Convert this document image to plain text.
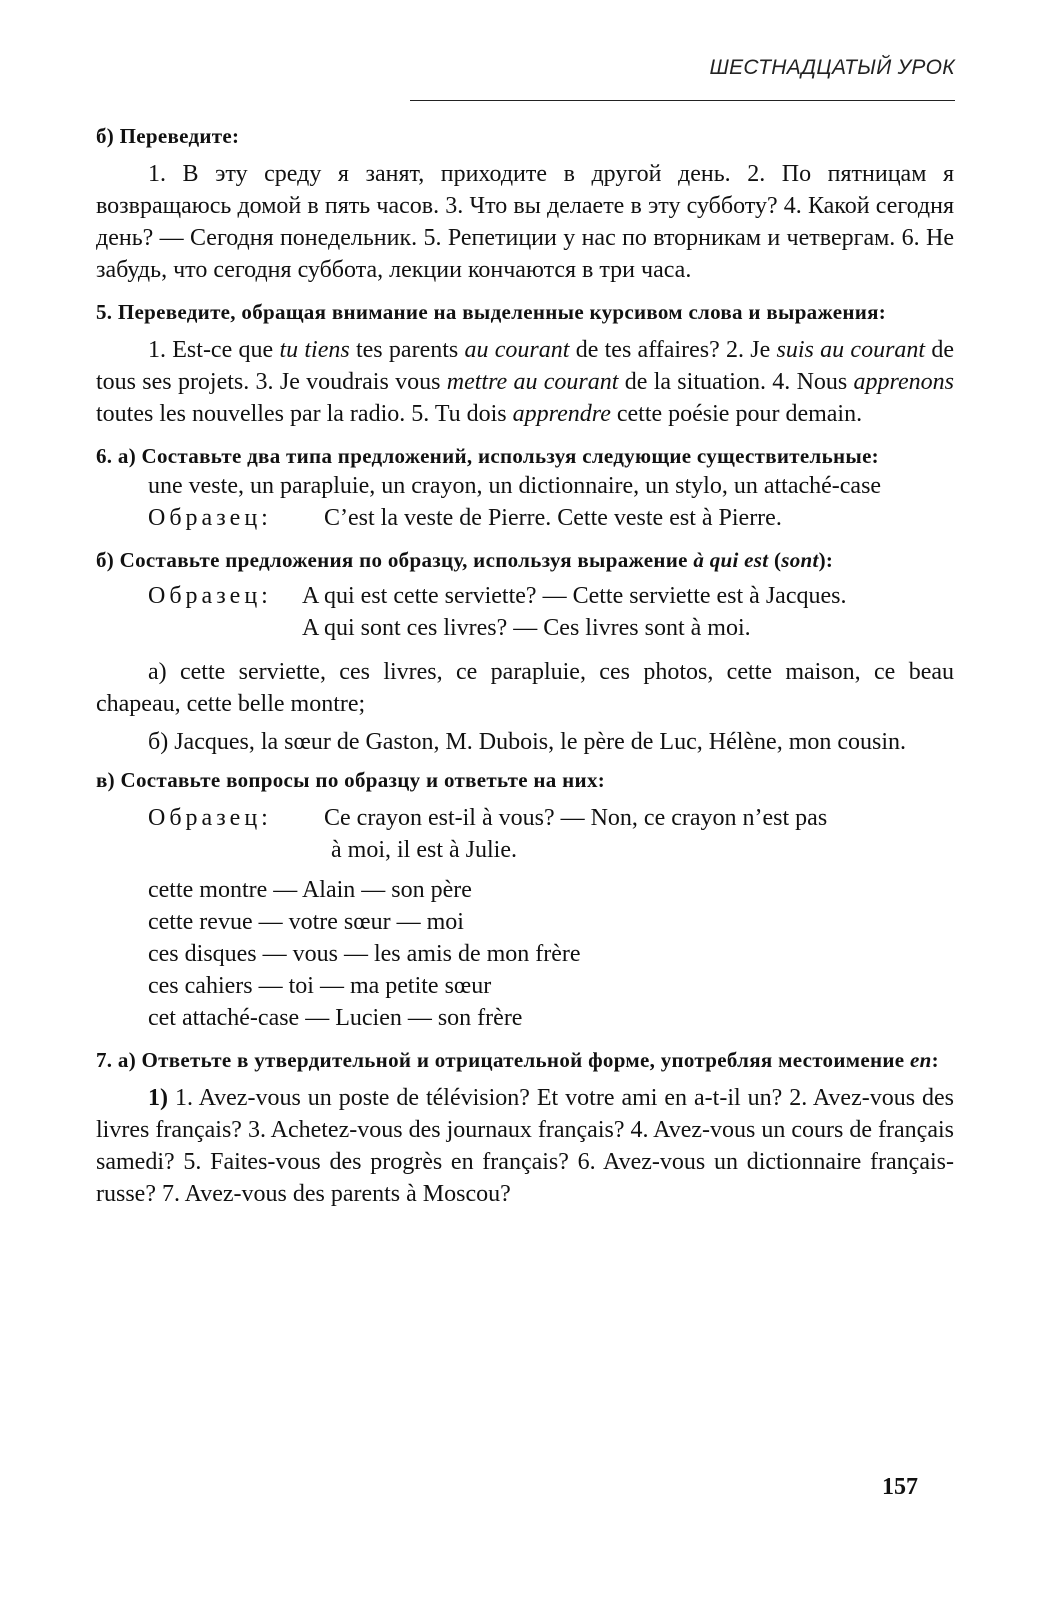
ШЕСТНАДЦАТЫЙ УРОК

б) Переведите:

1. В эту среду я занят, приходите в другой день. 2. По пятницам я возвращаюсь домой в пять часов. 3. Что вы делаете в эту субботу? 4. Какой сегодня день? — Сегодня понедельник. 5. Репетиции у нас по вторникам и четвергам. 6. Не забудь, что сегодня суббота, лекции кончаются в три часа.

5. Переведите, обращая внимание на выделенные курсивом слова и выражения:

1. Est-ce que tu tiens tes parents au courant de tes affaires? 2. Je suis au courant de tous ses projets. 3. Je voudrais vous mettre au courant de la situation. 4. Nous apprenons toutes les nouvelles par la radio. 5. Tu dois apprendre cette poésie pour demain.

6. а) Составьте два типа предложений, используя следующие существительные:

une veste, un parapluie, un crayon, un dictionnaire, un stylo, un attaché-case

Образец:	C’est la veste de Pierre. Cette veste est à Pierre.

б) Составьте предложения по образцу, используя выражение à qui est (sont):

Образец:	A qui est cette serviette? — Cette serviette est à Jacques.
A qui sont ces livres? — Ces livres sont à moi.

а) cette serviette, ces livres, ce parapluie, ces photos, cette maison, ce beau chapeau, cette belle montre;

б) Jacques, la sœur de Gaston, M. Dubois, le père de Luc, Hélène, mon cousin.

в) Составьте вопросы по образцу и ответьте на них:

Образец:	Ce crayon est-il à vous? — Non, ce crayon n’est pas
à moi, il est à Julie.

cette montre — Alain — son père

cette revue — votre sœur — moi

ces disques — vous — les amis de mon frère

ces cahiers — toi — ma petite sœur

cet attaché-case — Lucien — son frère

7. а) Ответьте в утвердительной и отрицательной форме, употребляя местоимение en:

1) 1. Avez-vous un poste de télévision? Et votre ami en a-t-il un? 2. Avez-vous des livres français? 3. Achetez-vous des journaux français? 4. Avez-vous un cours de français samedi? 5. Faites-vous des progrès en français? 6. Avez-vous un dictionnaire français-russe? 7. Avez-vous des parents à Moscou?

157
